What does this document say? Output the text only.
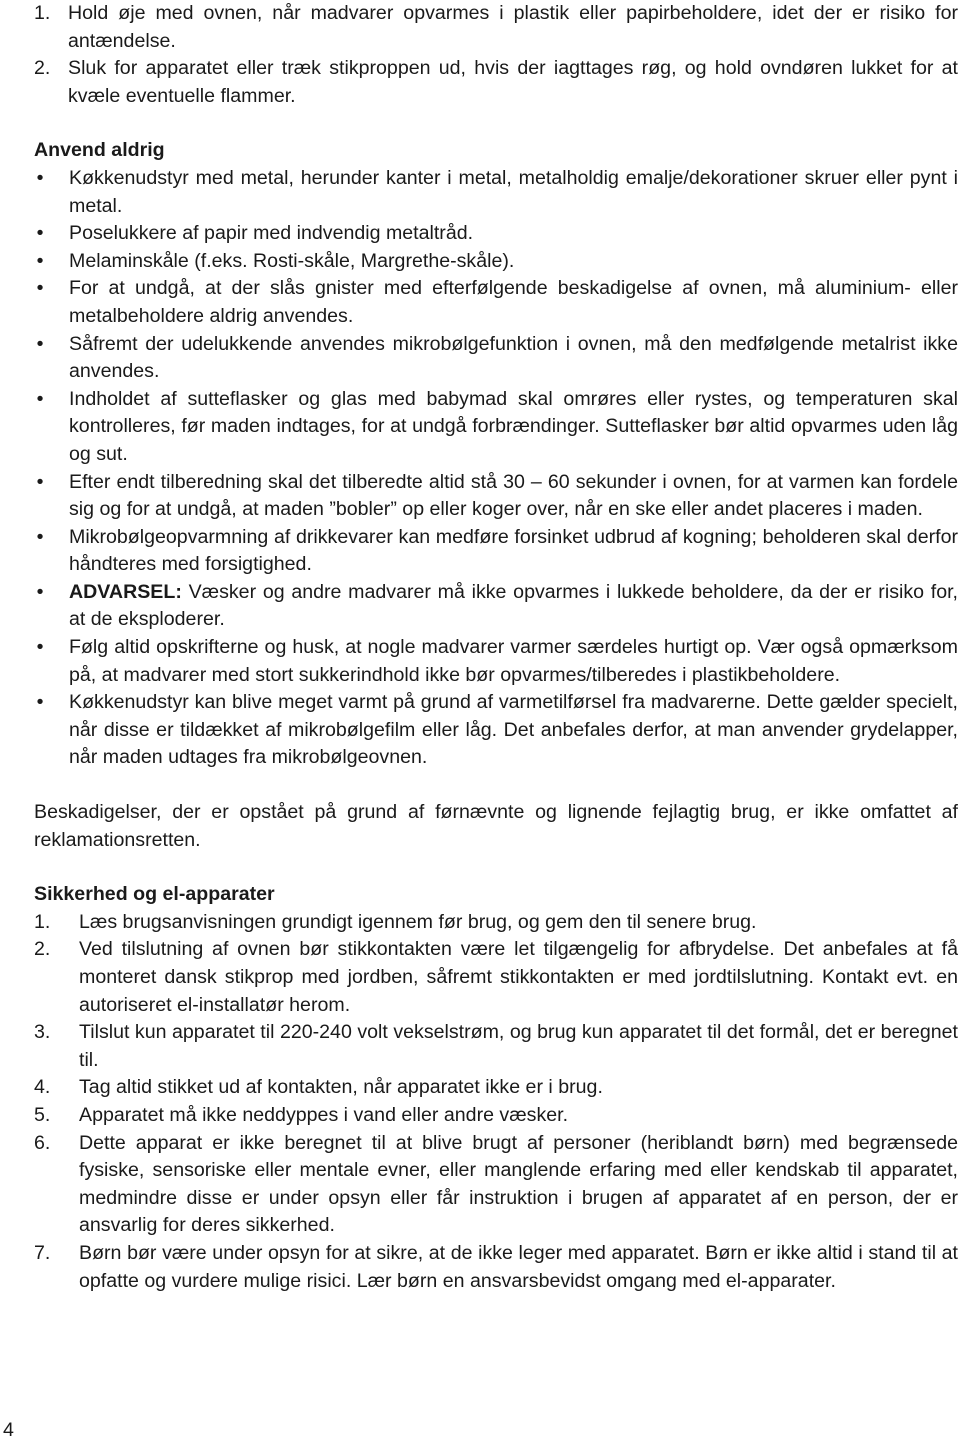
1. Hold øje med ovnen, når madvarer opvarmes i plastik eller papirbeholdere, idet der er risiko for antændelse.
2. Sluk for apparatet eller træk stikproppen ud, hvis der iagttages røg, og hold ovndøren lukket for at kvæle eventuelle flammer.

Anvend aldrig

• Køkkenudstyr med metal, herunder kanter i metal, metalholdig emalje/dekorationer skruer eller pynt i metal.
• Poselukkere af papir med indvendig metaltråd.
• Melaminskåle (f.eks. Rosti-skåle, Margrethe-skåle).
• For at undgå, at der slås gnister med efterfølgende beskadigelse af ovnen, må aluminium- eller metalbeholdere aldrig anvendes.
• Såfremt der udelukkende anvendes mikrobølgefunktion i ovnen, må den medfølgende metalrist ikke anvendes.
• Indholdet af sutteflasker og glas med babymad skal omrøres eller rystes, og temperaturen skal kontrolleres, før maden indtages, for at undgå forbrændinger. Sutteflasker bør altid opvarmes uden låg og sut.
• Efter endt tilberedning skal det tilberedte altid stå 30 – 60 sekunder i ovnen, for at varmen kan fordele sig og for at undgå, at maden ”bobler” op eller koger over, når en ske eller andet placeres i maden.
• Mikrobølgeopvarmning af drikkevarer kan medføre forsinket udbrud af kogning; beholderen skal derfor håndteres med forsigtighed.
• ADVARSEL: Væsker og andre madvarer må ikke opvarmes i lukkede beholdere, da der er risiko for, at de eksploderer.
• Følg altid opskrifterne og husk, at nogle madvarer varmer særdeles hurtigt op. Vær også opmærksom på, at madvarer med stort sukkerindhold ikke bør opvarmes/tilberedes i plastikbeholdere.
• Køkkenudstyr kan blive meget varmt på grund af varmetilførsel fra madvarerne. Dette gælder specielt, når disse er tildækket af mikrobølgefilm eller låg. Det anbefales derfor, at man anvender grydelapper, når maden udtages fra mikrobølgeovnen.

Beskadigelser, der er opstået på grund af førnævnte og lignende fejlagtig brug, er ikke omfattet af reklamationsretten.

Sikkerhed og el-apparater

1. Læs brugsanvisningen grundigt igennem før brug, og gem den til senere brug.
2. Ved tilslutning af ovnen bør stikkontakten være let tilgængelig for afbrydelse. Det anbefales at få monteret dansk stikprop med jordben, såfremt stikkontakten er med jordtilslutning. Kontakt evt. en autoriseret el-installatør herom.
3. Tilslut kun apparatet til 220-240 volt vekselstrøm, og brug kun apparatet til det formål, det er beregnet til.
4. Tag altid stikket ud af kontakten, når apparatet ikke er i brug.
5. Apparatet må ikke neddyppes i vand eller andre væsker.
6. Dette apparat er ikke beregnet til at blive brugt af personer (heriblandt børn) med begrænsede fysiske, sensoriske eller mentale evner, eller manglende erfaring med eller kendskab til apparatet, medmindre disse er under opsyn eller får instruktion i brugen af apparatet af en person, der er ansvarlig for deres sikkerhed.
7. Børn bør være under opsyn for at sikre, at de ikke leger med apparatet. Børn er ikke altid i stand til at opfatte og vurdere mulige risici. Lær børn en ansvarsbevidst omgang med el-apparater.
4
